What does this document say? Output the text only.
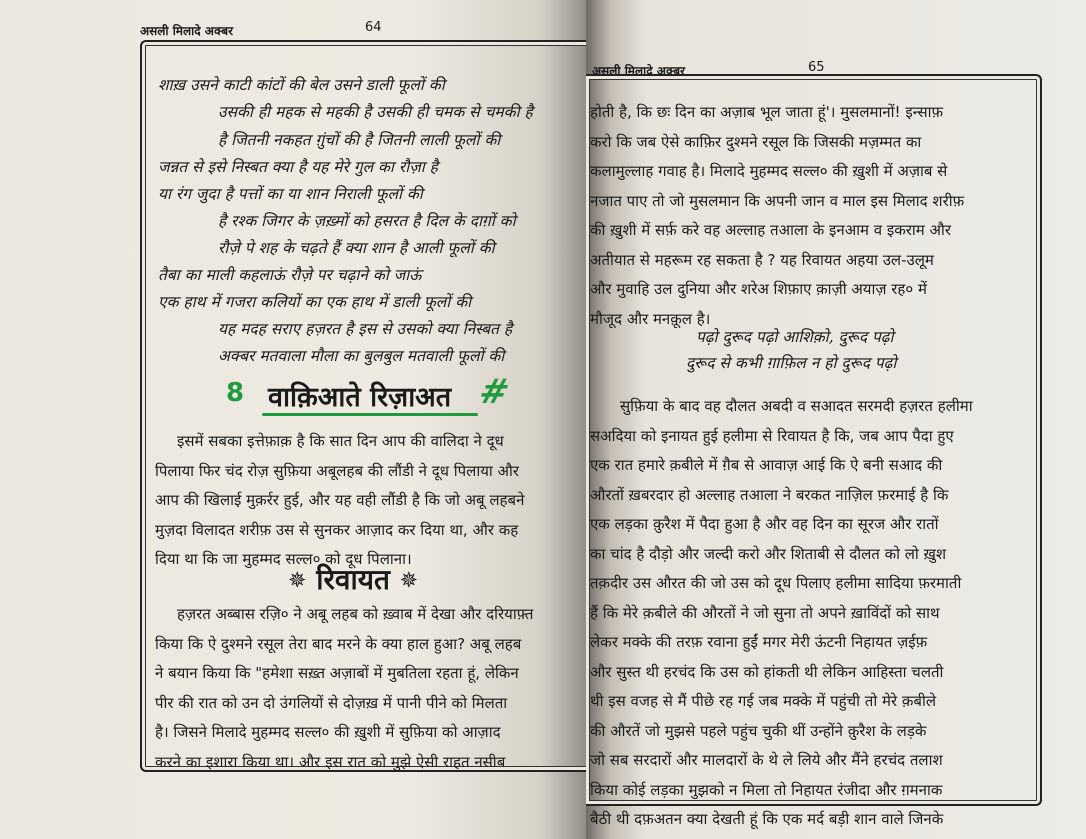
असली मिलादे अक्बर	64
शाख़ उसने काटी कांटों की बेल उसने डाली फूलों की
उसकी ही महक से महकी है उसकी ही चमक से चमकी है
है जितनी नकहत ग़ुंचों की है जितनी लाली फूलों की
जन्नत से इसे निस्बत क्या है यह मेरे गुल का रौज़ा है
या रंग जुदा है पत्तों का या शान निराली फूलों की
है रश्क जिगर के ज़ख़्मों को हसरत है दिल के दाग़ों को
रौज़े पे शह के चढ़ते हैं क्या शान है आली फूलों की
तैबा का माली कहलाऊं रौज़े पर चढ़ाने को जाऊं
एक हाथ में गजरा कलियों का एक हाथ में डाली फूलों की
यह मदह सराए हज़रत है इस से उसको क्या निस्बत है
अक्बर मतवाला मौला का बुलबुल मतवाली फूलों की
8 वाक़िआते रिज़ाअत #
इसमें सबका इत्तेफ़ाक़ है कि सात दिन आप की वालिदा ने दूध
पिलाया फिर चंद रोज़ सुफ़िया अबूलहब की लौंडी ने दूध पिलाया और
आप की खिलाई मुक़र्रर हुई, और यह वही लौंडी है कि जो अबू लहबने
मुज़दा विलादत शरीफ़ उस से सुनकर आज़ाद कर दिया था, और कह
दिया था कि जा मुहम्मद सल्ल० को दूध पिलाना।
✵ रिवायत ✵
हज़रत अब्बास रज़ि० ने अबू लहब को ख़्वाब में देखा और दरियाफ़्त
किया कि ऐ दुश्मने रसूल तेरा बाद मरने के क्या हाल हुआ? अबू लहब
ने बयान किया कि "हमेशा सख़्त अज़ाबों में मुबतिला रहता हूं, लेकिन
पीर की रात को उन दो उंगलियों से दोज़ख़ में पानी पीने को मिलता
है। जिसने मिलादे मुहम्मद सल्ल० की ख़ुशी में सुफ़िया को आज़ाद
करने का इशारा किया था। और इस रात को मुझे ऐसी राहत नसीब
असली मिलादे अक्बर	65
होती है, कि छः दिन का अज़ाब भूल जाता हूं'। मुसलमानों! इन्साफ़
करो कि जब ऐसे काफ़िर दुश्मने रसूल कि जिसकी मज़म्मत का
कलामुल्लाह गवाह है। मिलादे मुहम्मद सल्ल० की ख़ुशी में अज़ाब से
नजात पाए तो जो मुसलमान कि अपनी जान व माल इस मिलाद शरीफ़
की ख़ुशी में सर्फ़ करे वह अल्लाह तआला के इनआम व इकराम और
अतीयात से महरूम रह सकता है ? यह रिवायत अहया उल-उलूम
और मुवाहि उल दुनिया और शरेअ शिफ़ाए क़ाज़ी अयाज़ रह० में
मौजूद और मनक़ूल है।
पढ़ो दुरूद पढ़ो आशिक़ो, दुरूद पढ़ो
दुरूद से कभी ग़ाफ़िल न हो दुरूद पढ़ो
सुफ़िया के बाद वह दौलत अबदी व सआदत सरमदी हज़रत हलीमा
सअदिया को इनायत हुई हलीमा से रिवायत है कि, जब आप पैदा हुए
एक रात हमारे क़बीले में ग़ैब से आवाज़ आई कि ऐ बनी सआद की
औरतों ख़बरदार हो अल्लाह तआला ने बरकत नाज़िल फ़रमाई है कि
एक लड़का क़ुरैश में पैदा हुआ है और वह दिन का सूरज और रातों
का चांद है दौड़ो और जल्दी करो और शिताबी से दौलत को लो ख़ुश
तक़दीर उस औरत की जो उस को दूध पिलाए हलीमा सादिया फ़रमाती
हैं कि मेरे क़बीले की औरतों ने जो सुना तो अपने ख़ाविंदों को साथ
लेकर मक्के की तरफ़ रवाना हुईं मगर मेरी ऊंटनी निहायत ज़ईफ़
और सुस्त थी हरचंद कि उस को हांकती थी लेकिन आहिस्ता चलती
थी इस वजह से मैं पीछे रह गई जब मक्के में पहुंची तो मेरे क़बीले
की औरतें जो मुझसे पहले पहुंच चुकी थीं उन्होंने क़ुरैश के लड़के
जो सब सरदारों और मालदारों के थे ले लिये और मैंने हरचंद तलाश
किया कोई लड़का मुझको न मिला तो निहायत रंजीदा और ग़मनाक
बैठी थी दफ़अतन क्या देखती हूं कि एक मर्द बड़ी शान वाले जिनके
